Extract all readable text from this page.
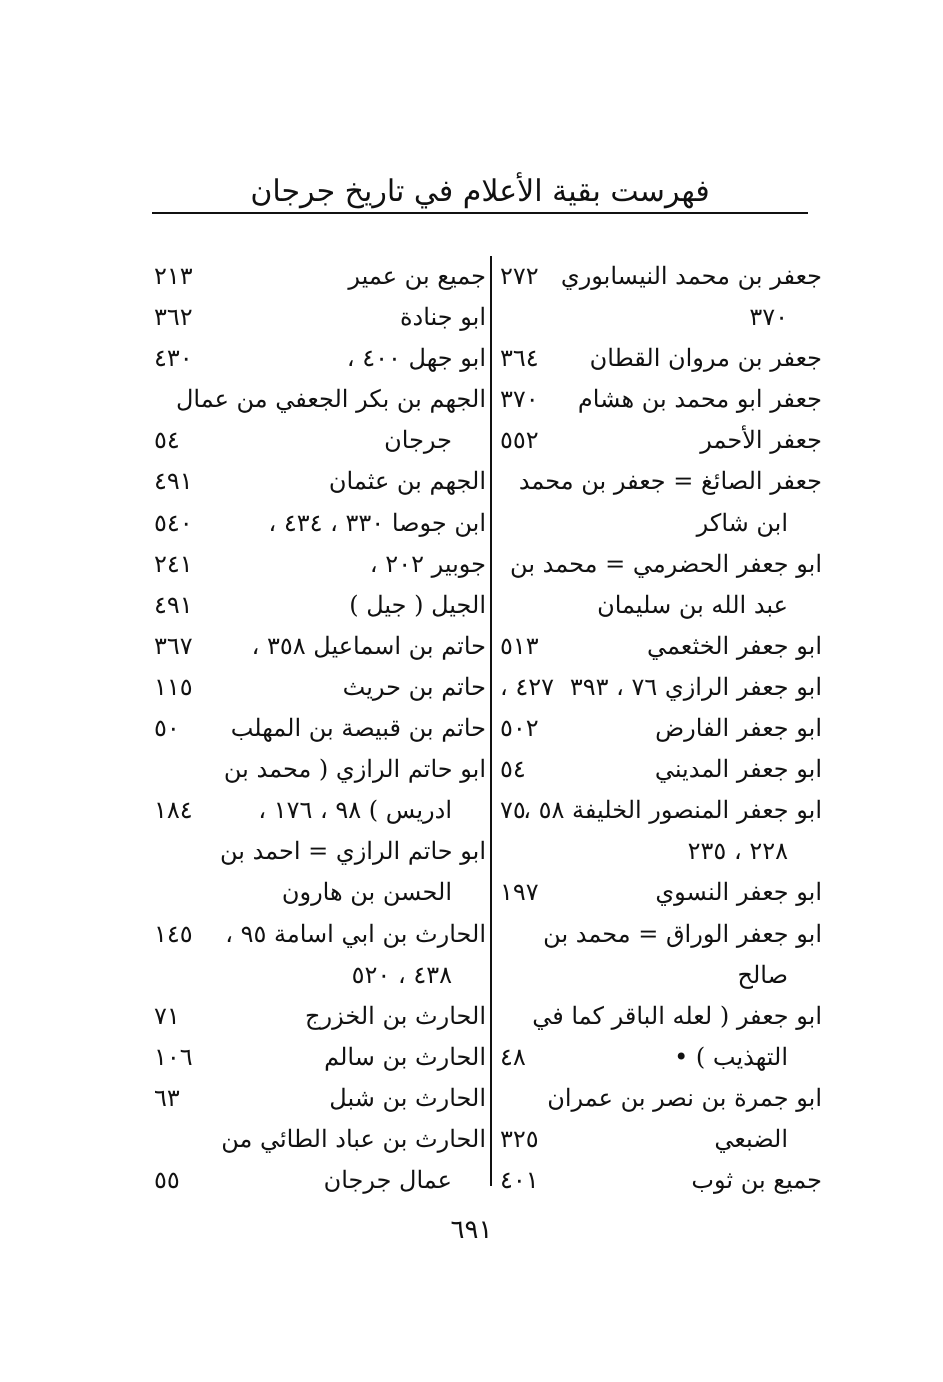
فهرست بقية الأعلام في تاريخ جرجان
جعفر بن محمد النيسابوري
٢٧٢
٣٧٠
جعفر بن مروان القطان
٣٦٤
جعفر ابو محمد بن هشام
٣٧٠
جعفر الأحمر
٥٥٢
جعفر الصائغ = جعفر بن محمد
ابن شاكر
ابو جعفر الحضرمي = محمد بن
عبد الله بن سليمان
ابو جعفر الخثعمي
٥١٣
ابو جعفر الرازي ٧٦ ، ٣٩٣
٤٢٧ ،
ابو جعفر الفارض
٥٠٢
ابو جعفر المديني
٥٤
ابو جعفر المنصور الخليفة ٥٨ ،
٧٥
٢٢٨ ، ٢٣٥
ابو جعفر النسوي
١٩٧
ابو جعفر الوراق = محمد بن
صالح
ابو جعفر ( لعله الباقر كما في
التهذيب ) •
٤٨
ابو جمرة بن نصر بن عمران
الضبعي
٣٢٥
جميع بن ثوب
٤٠١
جميع بن عمير
٢١٣
ابو جنادة
٣٦٢
ابو جهل ٤٠٠ ،
٤٣٠
الجهم بن بكر الجعفي من عمال
جرجان
٥٤
الجهم بن عثمان
٤٩١
ابن جوصا ٣٣٠ ، ٤٣٤ ،
٥٤٠
جوبير ٢٠٢ ،
٢٤١
الجيل ( جيل )
٤٩١
حاتم بن اسماعيل ٣٥٨ ،
٣٦٧
حاتم بن حريث
١١٥
حاتم بن قبيصة بن المهلب
٥٠
ابو حاتم الرازي ( محمد بن
ادريس ) ٩٨ ، ١٧٦ ،
١٨٤
ابو حاتم الرازي = احمد بن
الحسن بن هارون
الحارث بن ابي اسامة ٩٥ ،
١٤٥
٤٣٨ ، ٥٢٠
الحارث بن الخزرج
٧١
الحارث بن سالم
١٠٦
الحارث بن شبل
٦٣
الحارث بن عباد الطائي من
عمال جرجان
٥٥
٦٩١
